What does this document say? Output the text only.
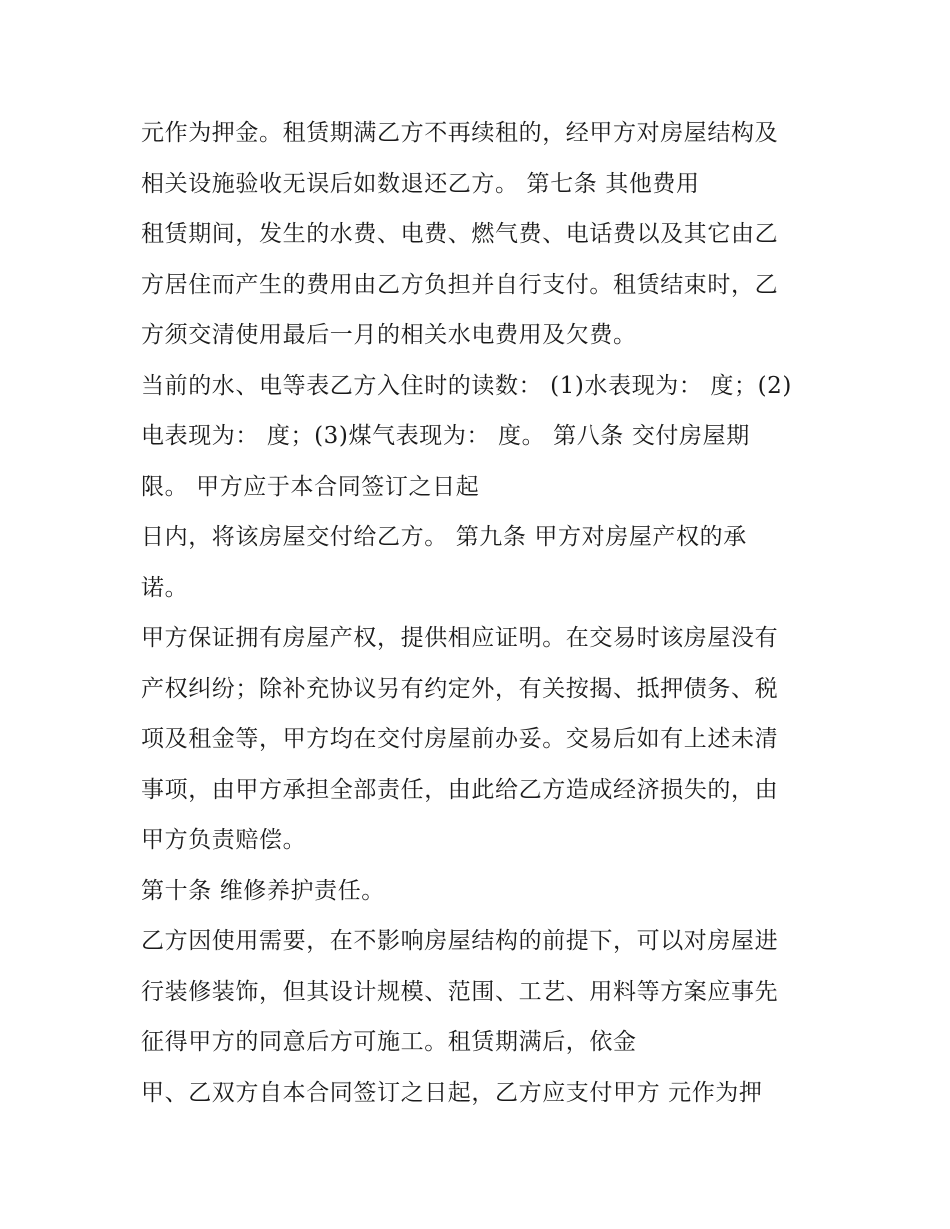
元作为押金。租赁期满乙方不再续租的，经甲方对房屋结构及
相关设施验收无误后如数退还乙方。 第七条 其他费用
租赁期间，发生的水费、电费、燃气费、电话费以及其它由乙
方居住而产生的费用由乙方负担并自行支付。租赁结束时，乙
方须交清使用最后一月的相关水电费用及欠费。
当前的水、电等表乙方入住时的读数： (1)水表现为： 度；(2)
电表现为： 度；(3)煤气表现为： 度。 第八条 交付房屋期
限。 甲方应于本合同签订之日起
日内，将该房屋交付给乙方。 第九条 甲方对房屋产权的承
诺。
甲方保证拥有房屋产权，提供相应证明。在交易时该房屋没有
产权纠纷；除补充协议另有约定外，有关按揭、抵押债务、税
项及租金等，甲方均在交付房屋前办妥。交易后如有上述未清
事项，由甲方承担全部责任，由此给乙方造成经济损失的，由
甲方负责赔偿。
第十条 维修养护责任。
乙方因使用需要，在不影响房屋结构的前提下，可以对房屋进
行装修装饰，但其设计规模、范围、工艺、用料等方案应事先
征得甲方的同意后方可施工。租赁期满后，依金
甲、乙双方自本合同签订之日起，乙方应支付甲方 元作为押
